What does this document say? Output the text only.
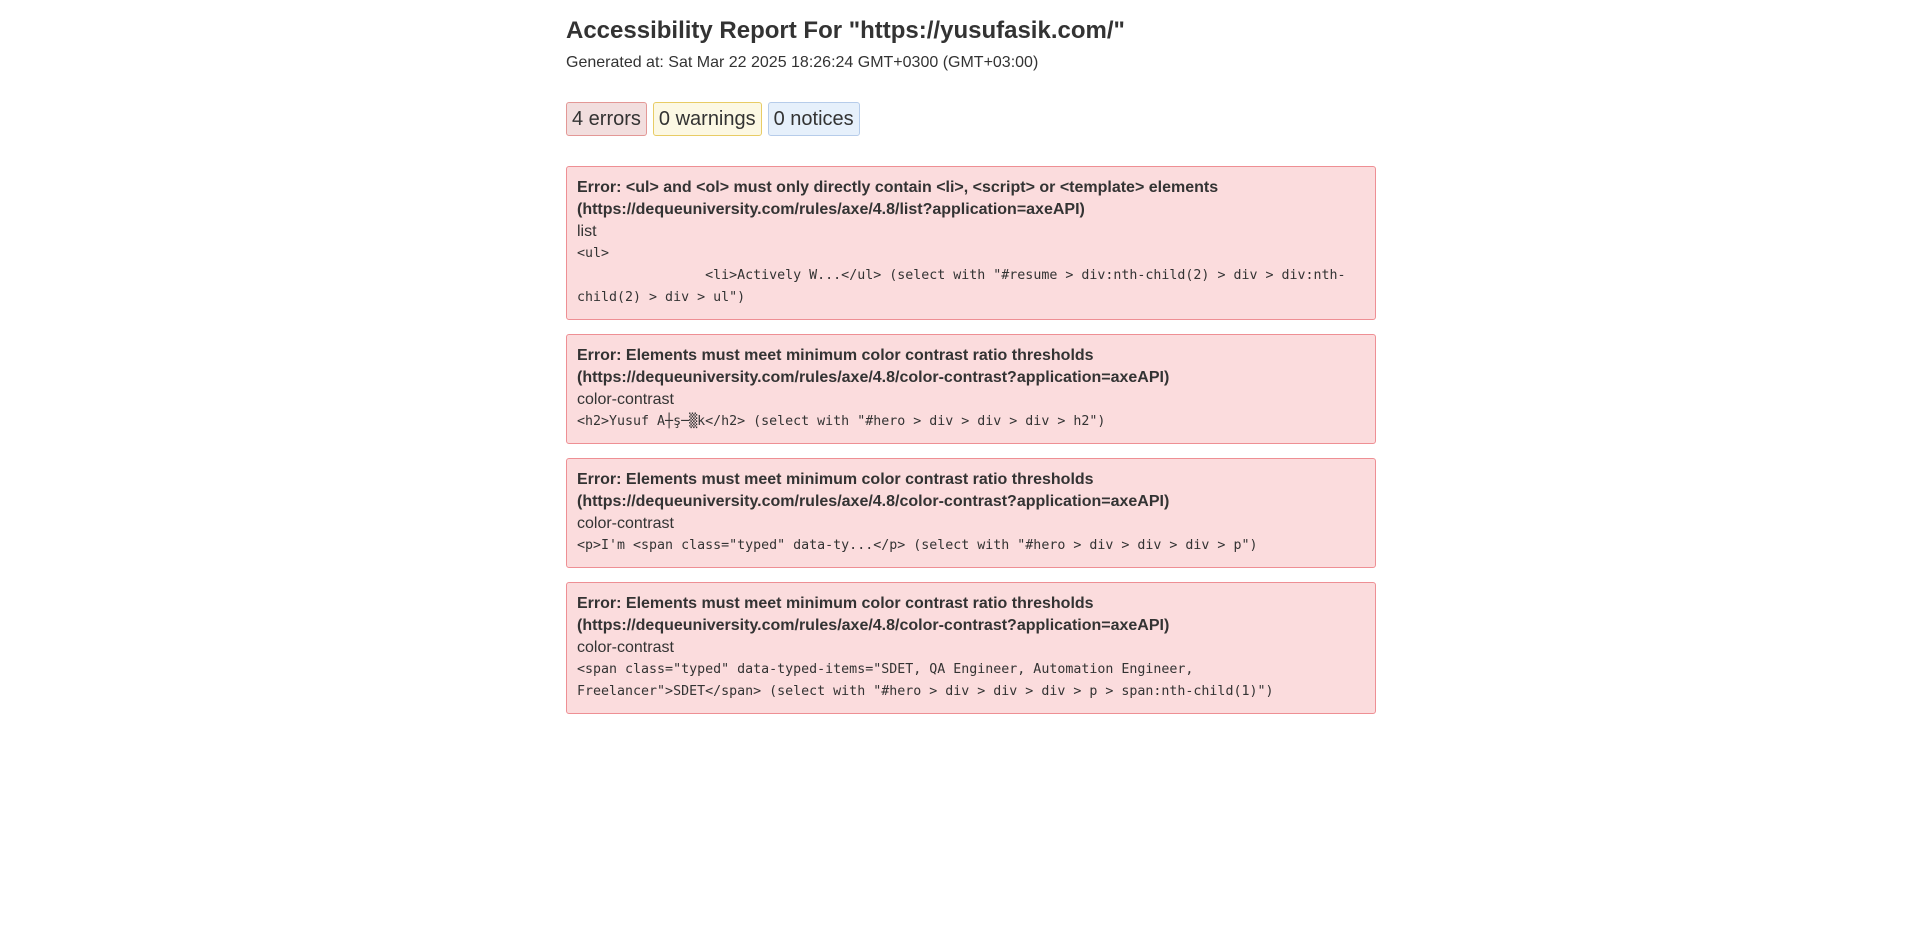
Accessibility Report For "https://yusufasik.com/"

Generated at: Sat Mar 22 2025 18:26:24 GMT+0300 (GMT+03:00)

4 errors 0 warnings 0 notices
Error: <ul> and <ol> must only directly contain <li>, <script> or <template> elements (https://dequeuniversity.com/rules/axe/4.8/list?application=axeAPI)
list
<ul>
<li>Actively W...</ul> (select with "#resume > div:nth-child(2) > div > div:nth-child(2) > div > ul")
Error: Elements must meet minimum color contrast ratio thresholds (https://dequeuniversity.com/rules/axe/4.8/color-contrast?application=axeAPI)
color-contrast
<h2>Yusuf A┼ş─▒k</h2> (select with "#hero > div > div > div > h2")
Error: Elements must meet minimum color contrast ratio thresholds (https://dequeuniversity.com/rules/axe/4.8/color-contrast?application=axeAPI)
color-contrast
<p>I'm <span class="typed" data-ty...</p> (select with "#hero > div > div > div > p")
Error: Elements must meet minimum color contrast ratio thresholds (https://dequeuniversity.com/rules/axe/4.8/color-contrast?application=axeAPI)
color-contrast
<span class="typed" data-typed-items="SDET, QA Engineer, Automation Engineer, Freelancer">SDET</span> (select with "#hero > div > div > div > p > span:nth-child(1)")
